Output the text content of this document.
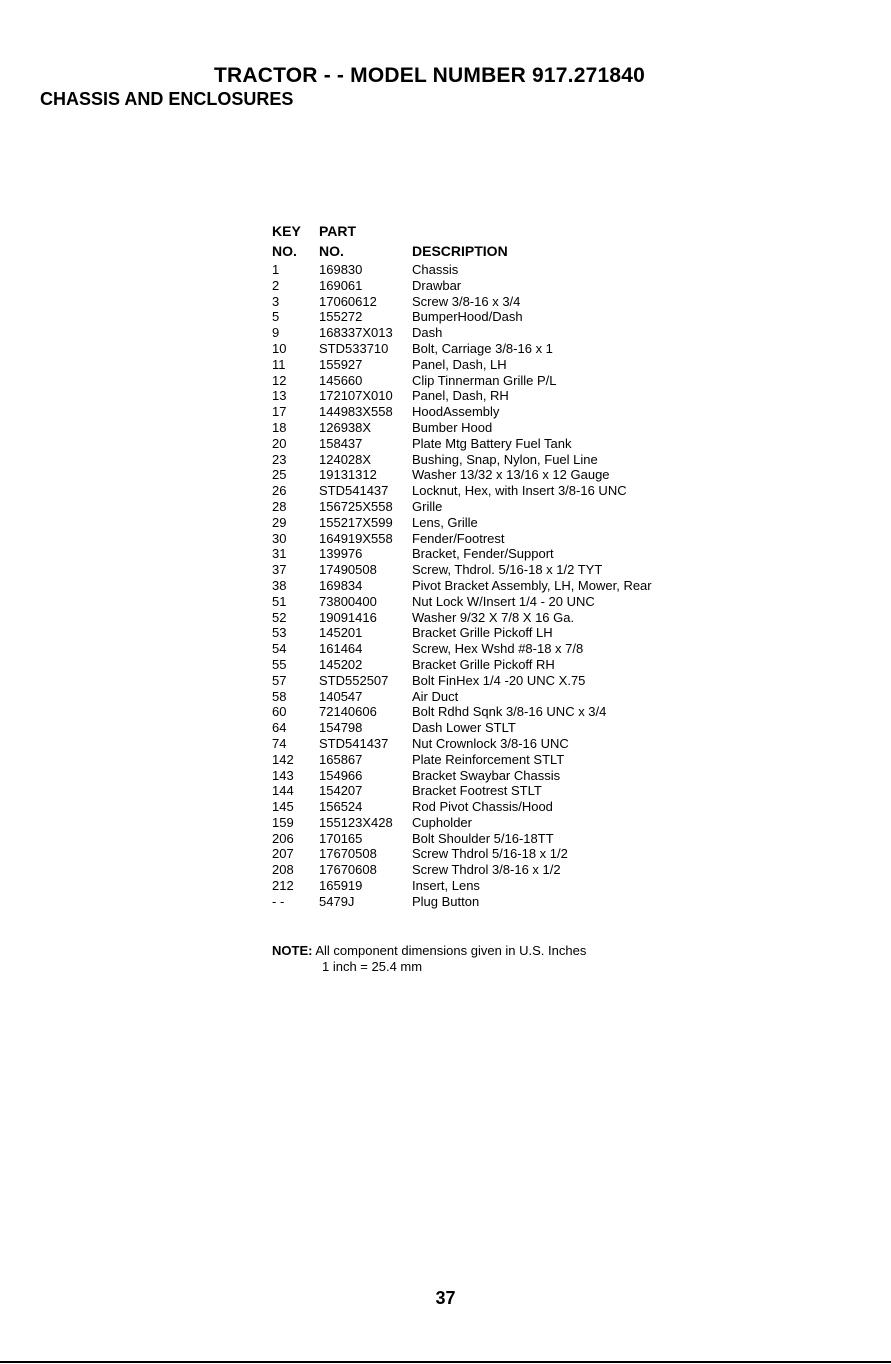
TRACTOR - - MODEL NUMBER 917.271840
CHASSIS AND ENCLOSURES
KEY PART
NO. NO.	DESCRIPTION
1	169830	Chassis
2	169061	Drawbar
3	17060612	Screw 3/8-16 x 3/4
5	155272	BumperHood/Dash
9	168337X013	Dash
10	STD533710	Bolt, Carriage 3/8-16 x 1
11	155927	Panel, Dash, LH
12	145660	Clip Tinnerman Grille P/L
13	172107X010	Panel, Dash, RH
17	144983X558	HoodAssembly
18	126938X	Bumber Hood
20	158437	Plate Mtg Battery Fuel Tank
23	124028X	Bushing, Snap, Nylon, Fuel Line
25	19131312	Washer 13/32 x 13/16 x 12 Gauge
26	STD541437	Locknut, Hex, with Insert 3/8-16 UNC
28	156725X558	Grille
29	155217X599	Lens, Grille
30	164919X558	Fender/Footrest
31	139976	Bracket, Fender/Support
37	17490508	Screw, Thdrol. 5/16-18 x 1/2 TYT
38	169834	Pivot Bracket Assembly, LH, Mower, Rear
51	73800400	Nut Lock W/Insert 1/4 - 20 UNC
52	19091416	Washer 9/32 X 7/8 X 16 Ga.
53	145201	Bracket Grille Pickoff LH
54	161464	Screw, Hex Wshd #8-18 x 7/8
55	145202	Bracket Grille Pickoff RH
57	STD552507	Bolt FinHex 1/4 -20 UNC X.75
58	140547	Air Duct
60	72140606	Bolt Rdhd Sqnk 3/8-16 UNC x 3/4
64	154798	Dash Lower STLT
74	STD541437	Nut Crownlock 3/8-16 UNC
142	165867	Plate Reinforcement STLT
143	154966	Bracket Swaybar Chassis
144	154207	Bracket Footrest STLT
145	156524	Rod Pivot Chassis/Hood
159	155123X428	Cupholder
206	170165	Bolt Shoulder 5/16-18TT
207	17670508	Screw Thdrol 5/16-18 x 1/2
208	17670608	Screw Thdrol 3/8-16 x 1/2
212	165919	Insert, Lens
- -	5479J	Plug Button
NOTE: All component dimensions given in U.S. Inches
1 inch = 25.4 mm
37
